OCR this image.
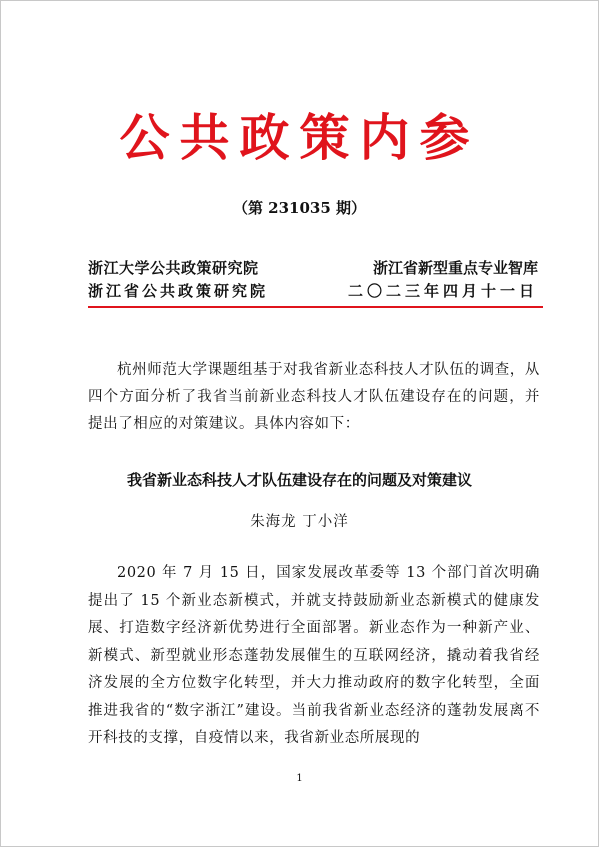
公共政策内参
（第 231035 期）
浙江大学公共政策研究院	浙江省新型重点专业智库
浙江省公共政策研究院	二〇二三年四月十一日

杭州师范大学课题组基于对我省新业态科技人才队伍的调查，从四个方面分析了我省当前新业态科技人才队伍建设存在的问题，并提出了相应的对策建议。具体内容如下：

我省新业态科技人才队伍建设存在的问题及对策建议
朱海龙 丁小洋

2020 年 7 月 15 日，国家发展改革委等 13 个部门首次明确提出了 15 个新业态新模式，并就支持鼓励新业态新模式的健康发展、打造数字经济新优势进行全面部署。新业态作为一种新产业、新模式、新型就业形态蓬勃发展催生的互联网经济，撬动着我省经济发展的全方位数字化转型，并大力推动政府的数字化转型，全面推进我省的“数字浙江”建设。当前我省新业态经济的蓬勃发展离不开科技的支撑，自疫情以来，我省新业态所展现的

1
